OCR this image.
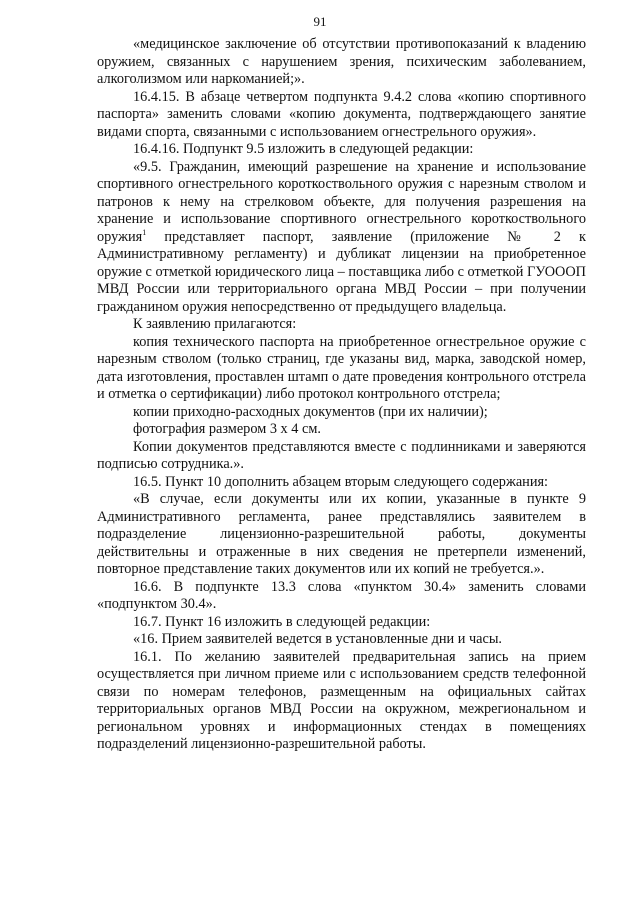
91

«медицинское заключение об отсутствии противопоказаний к владению оружием, связанных с нарушением зрения, психическим заболеванием, алкоголизмом или наркоманией;».

16.4.15. В абзаце четвертом подпункта 9.4.2 слова «копию спортивного паспорта» заменить словами «копию документа, подтверждающего занятие видами спорта, связанными с использованием огнестрельного оружия».

16.4.16. Подпункт 9.5 изложить в следующей редакции:

«9.5. Гражданин, имеющий разрешение на хранение и использование спортивного огнестрельного короткоствольного оружия с нарезным стволом и патронов к нему на стрелковом объекте, для получения разрешения на хранение и использование спортивного огнестрельного короткоствольного оружия$^1$ представляет паспорт, заявление (приложение № 2 к Административному регламенту) и дубликат лицензии на приобретенное оружие с отметкой юридического лица – поставщика либо с отметкой ГУОООП МВД России или территориального органа МВД России – при получении гражданином оружия непосредственно от предыдущего владельца.

К заявлению прилагаются:

копия технического паспорта на приобретенное огнестрельное оружие с нарезным стволом (только страниц, где указаны вид, марка, заводской номер, дата изготовления, проставлен штамп о дате проведения контрольного отстрела и отметка о сертификации) либо протокол контрольного отстрела;

копии приходно-расходных документов (при их наличии);

фотография размером 3 х 4 см.

Копии документов представляются вместе с подлинниками и заверяются подписью сотрудника.».

16.5. Пункт 10 дополнить абзацем вторым следующего содержания:

«В случае, если документы или их копии, указанные в пункте 9 Административного регламента, ранее представлялись заявителем в подразделение лицензионно-разрешительной работы, документы действительны и отраженные в них сведения не претерпели изменений, повторное представление таких документов или их копий не требуется.».

16.6. В подпункте 13.3 слова «пунктом 30.4» заменить словами «подпунктом 30.4».

16.7. Пункт 16 изложить в следующей редакции:

«16. Прием заявителей ведется в установленные дни и часы.

16.1. По желанию заявителей предварительная запись на прием осуществляется при личном приеме или с использованием средств телефонной связи по номерам телефонов, размещенным на официальных сайтах территориальных органов МВД России на окружном, межрегиональном и региональном уровнях и информационных стендах в помещениях подразделений лицензионно-разрешительной работы.
